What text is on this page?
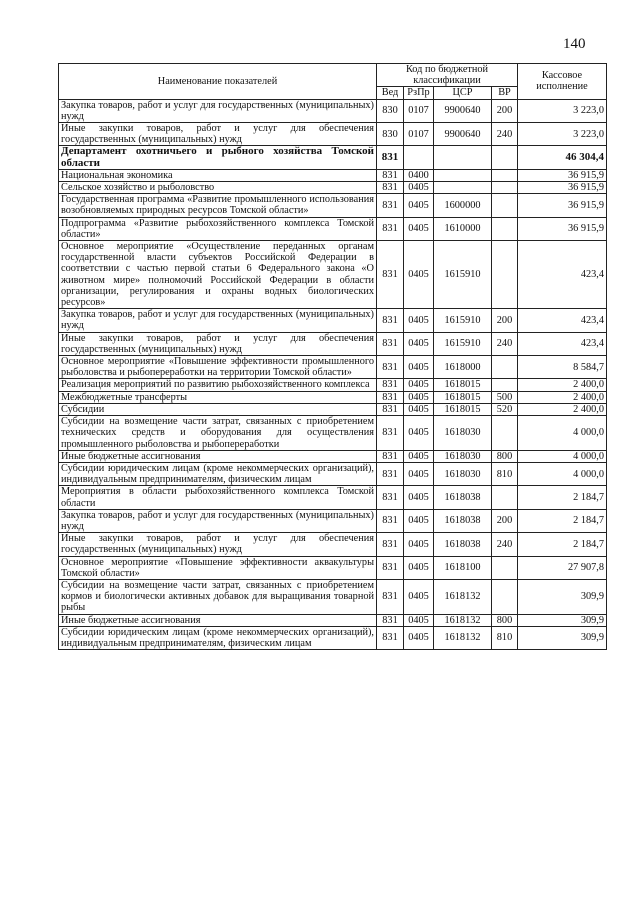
140
Наименование показателей	Код по бюджетной классификации				Кассовое исполнение
	Вед	РзПр	ЦСР	ВР	
Закупка товаров, работ и услуг для государственных (муниципальных) нужд	830	0107	9900640	200	3 223,0
Иные закупки товаров, работ и услуг для обеспечения государственных (муниципальных) нужд	830	0107	9900640	240	3 223,0
Департамент охотничьего и рыбного хозяйства Томской области	831				46 304,4
Национальная экономика	831	0400			36 915,9
Сельское хозяйство и рыболовство	831	0405			36 915,9
Государственная программа «Развитие промышленного использования возобновляемых природных ресурсов Томской области»	831	0405	1600000		36 915,9
Подпрограмма «Развитие рыбохозяйственного комплекса Томской области»	831	0405	1610000		36 915,9
Основное мероприятие «Осуществление переданных органам государственной власти субъектов Российской Федерации в соответствии с частью первой статьи 6 Федерального закона «О животном мире» полномочий Российской Федерации в области организации, регулирования и охраны водных биологических ресурсов»	831	0405	1615910		423,4
Закупка товаров, работ и услуг для государственных (муниципальных) нужд	831	0405	1615910	200	423,4
Иные закупки товаров, работ и услуг для обеспечения государственных (муниципальных) нужд	831	0405	1615910	240	423,4
Основное мероприятие «Повышение эффективности промышленного рыболовства и рыбопереработки на территории Томской области»	831	0405	1618000		8 584,7
Реализация мероприятий по развитию рыбохозяйственного комплекса	831	0405	1618015		2 400,0
Межбюджетные трансферты	831	0405	1618015	500	2 400,0
Субсидии	831	0405	1618015	520	2 400,0
Субсидии на возмещение части затрат, связанных с приобретением технических средств и оборудования для осуществления промышленного рыболовства и рыбопереработки	831	0405	1618030		4 000,0
Иные бюджетные ассигнования	831	0405	1618030	800	4 000,0
Субсидии юридическим лицам (кроме некоммерческих организаций), индивидуальным предпринимателям, физическим лицам	831	0405	1618030	810	4 000,0
Мероприятия в области рыбохозяйственного комплекса Томской области	831	0405	1618038		2 184,7
Закупка товаров, работ и услуг для государственных (муниципальных) нужд	831	0405	1618038	200	2 184,7
Иные закупки товаров, работ и услуг для обеспечения государственных (муниципальных) нужд	831	0405	1618038	240	2 184,7
Основное мероприятие «Повышение эффективности аквакультуры Томской области»	831	0405	1618100		27 907,8
Субсидии на возмещение части затрат, связанных с приобретением кормов и биологически активных добавок для выращивания товарной рыбы	831	0405	1618132		309,9
Иные бюджетные ассигнования	831	0405	1618132	800	309,9
Субсидии юридическим лицам (кроме некоммерческих организаций), индивидуальным предпринимателям, физическим лицам	831	0405	1618132	810	309,9
